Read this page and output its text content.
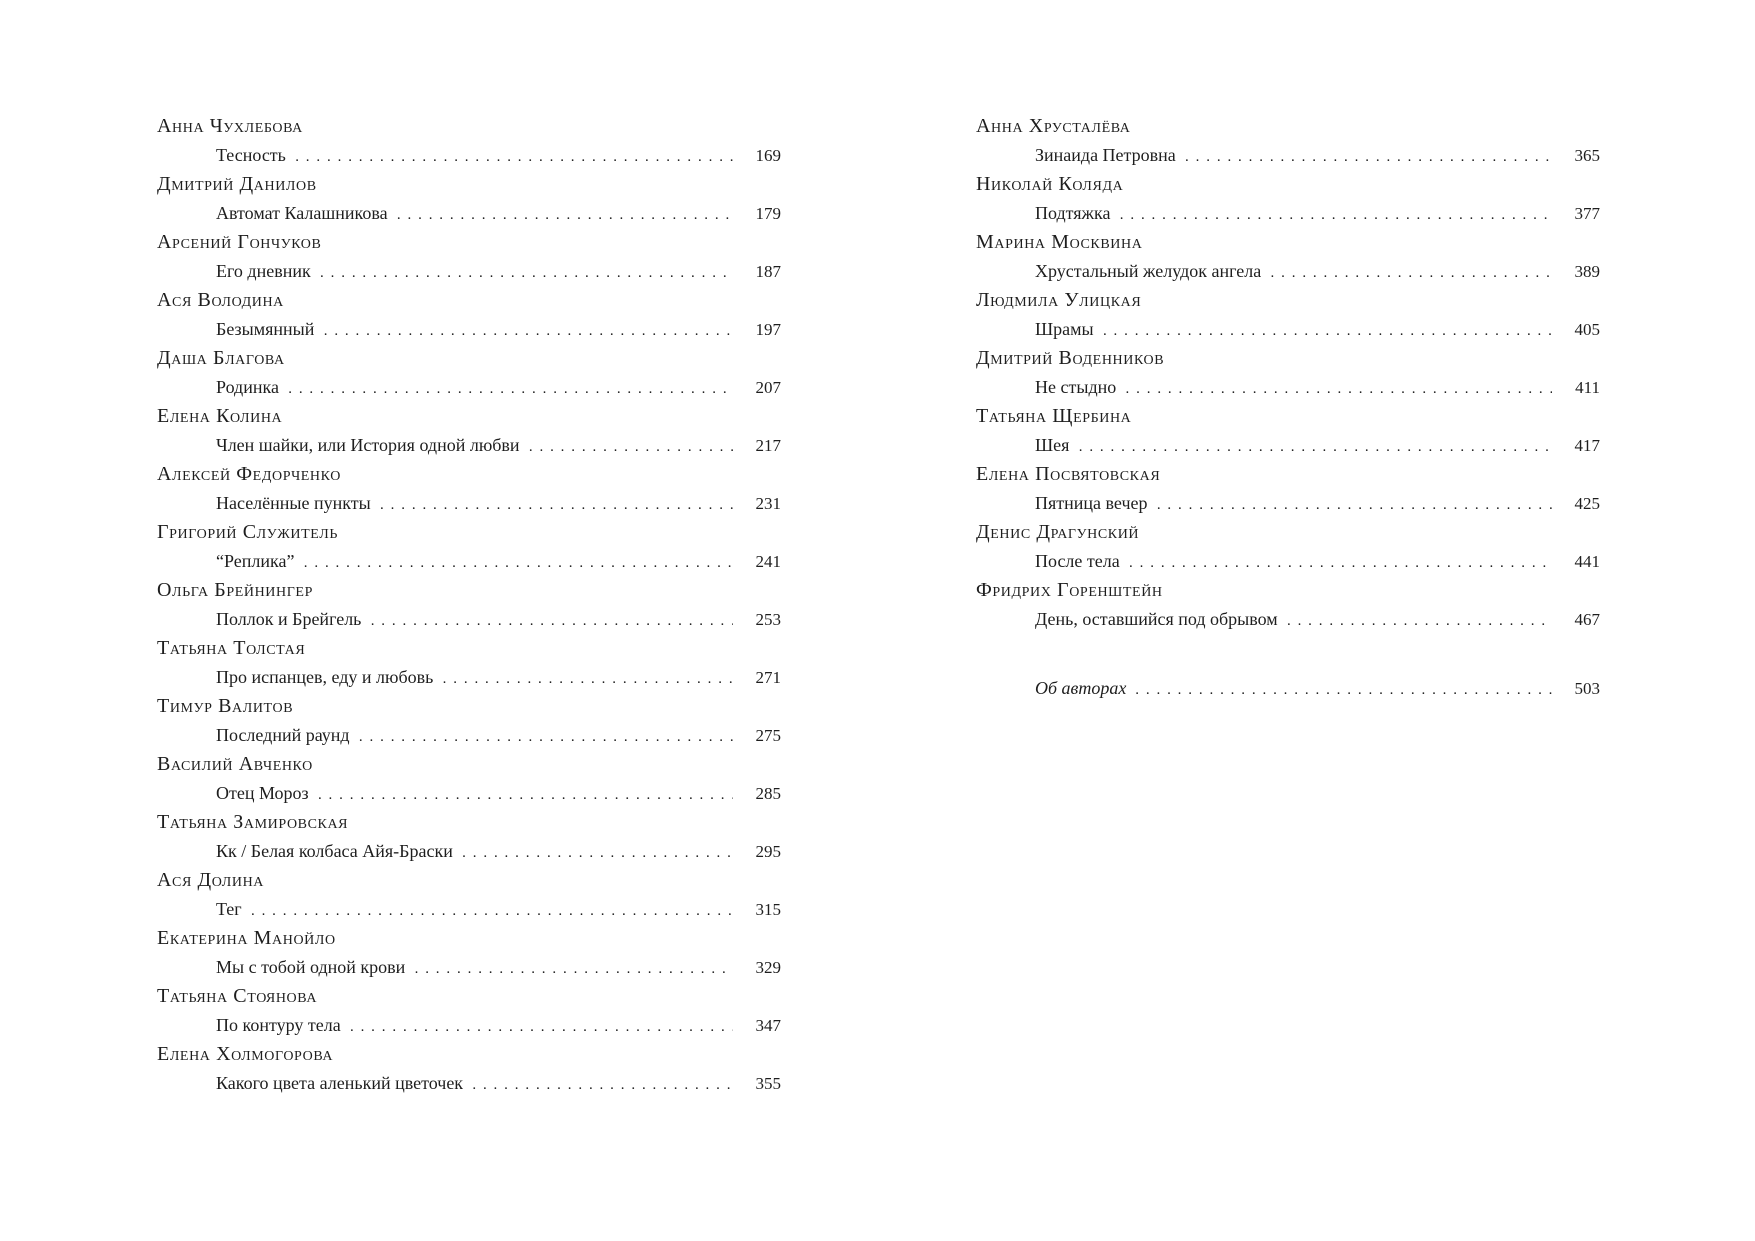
Анна Чухлебова
Тесность . . .	169
Дмитрий Данилов
Автомат Калашникова . . .	179
Арсений Гончуков
Его дневник . . .	187
Ася Володина
Безымянный . . .	197
Даша Благова
Родинка . . .	207
Елена Колина
Член шайки, или История одной любви . . .	217
Алексей Федорченко
Населённые пункты . . .	231
Григорий Служитель
“Реплика” . . .	241
Ольга Брейнингер
Поллок и Брейгель . . .	253
Татьяна Толстая
Про испанцев, еду и любовь . . .	271
Тимур Валитов
Последний раунд . . .	275
Василий Авченко
Отец Мороз . . .	285
Татьяна Замировская
Кк / Белая колбаса Айя-Браски . . .	295
Ася Долина
Тег . . .	315
Екатерина Манойло
Мы с тобой одной крови . . .	329
Татьяна Стоянова
По контуру тела . . .	347
Елена Холмогорова
Какого цвета аленький цветочек . . .	355
Анна Хрусталёва
Зинаида Петровна . . .	365
Николай Коляда
Подтяжка . . .	377
Марина Москвина
Хрустальный желудок ангела . . .	389
Людмила Улицкая
Шрамы . . .	405
Дмитрий Воденников
Не стыдно . . .	411
Татьяна Щербина
Шея . . .	417
Елена Посвятовская
Пятница вечер . . .	425
Денис Драгунский
После тела . . .	441
Фридрих Горенштейн
День, оставшийся под обрывом . . .	467
Об авторах . . .	503
